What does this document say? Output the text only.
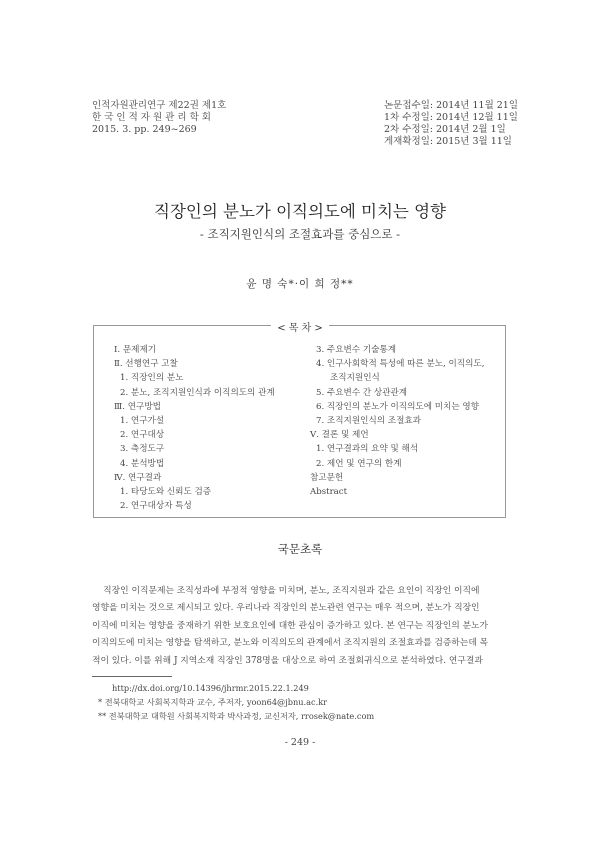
인적자원관리연구 제22권 제1호
한 국 인 적 자 원 관 리 학 회
2015. 3. pp. 249~269
논문접수일: 2014년 11월 21일
1차 수정일: 2014년 12월 11일
2차 수정일: 2014년 2월 1일
게재확정일: 2015년 3월 11일
직장인의 분노가 이직의도에 미치는 영향
- 조직지원인식의 조절효과를 중심으로 -
윤 명 숙*·이 희 정**
< 목 차 >
Ⅰ. 문제제기
Ⅱ. 선행연구 고찰
1. 직장인의 분노
2. 분노, 조직지원인식과 이직의도의 관계
Ⅲ. 연구방법
1. 연구가설
2. 연구대상
3. 측정도구
4. 분석방법
Ⅳ. 연구결과
1. 타당도와 신뢰도 검증
2. 연구대상자 특성
3. 주요변수 기술통계
4. 인구사회학적 특성에 따른 분노, 이직의도,
조직지원인식
5. 주요변수 간 상관관계
6. 직장인의 분노가 이직의도에 미치는 영향
7. 조직지원인식의 조절효과
Ⅴ. 결론 및 제언
1. 연구결과의 요약 및 해석
2. 제언 및 연구의 한계
참고문헌
Abstract
국문초록
직장인 이직문제는 조직성과에 부정적 영향을 미치며, 분노, 조직지원과 같은 요인이 직장인 이직에
영향을 미치는 것으로 제시되고 있다. 우리나라 직장인의 분노관련 연구는 매우 적으며, 분노가 직장인
이직에 미치는 영향을 중재하기 위한 보호요인에 대한 관심이 증가하고 있다. 본 연구는 직장인의 분노가
이직의도에 미치는 영향을 탐색하고, 분노와 이직의도의 관계에서 조직지원의 조절효과를 검증하는데 목
적이 있다. 이를 위해 J 지역소재 직장인 378명을 대상으로 하여 조절회귀식으로 분석하였다. 연구결과
http://dx.doi.org/10.14396/jhrmr.2015.22.1.249
* 전북대학교 사회복지학과 교수, 주저자, yoon64@jbnu.ac.kr
** 전북대학교 대학원 사회복지학과 박사과정, 교신저자, rrosek@nate.com
- 249 -
